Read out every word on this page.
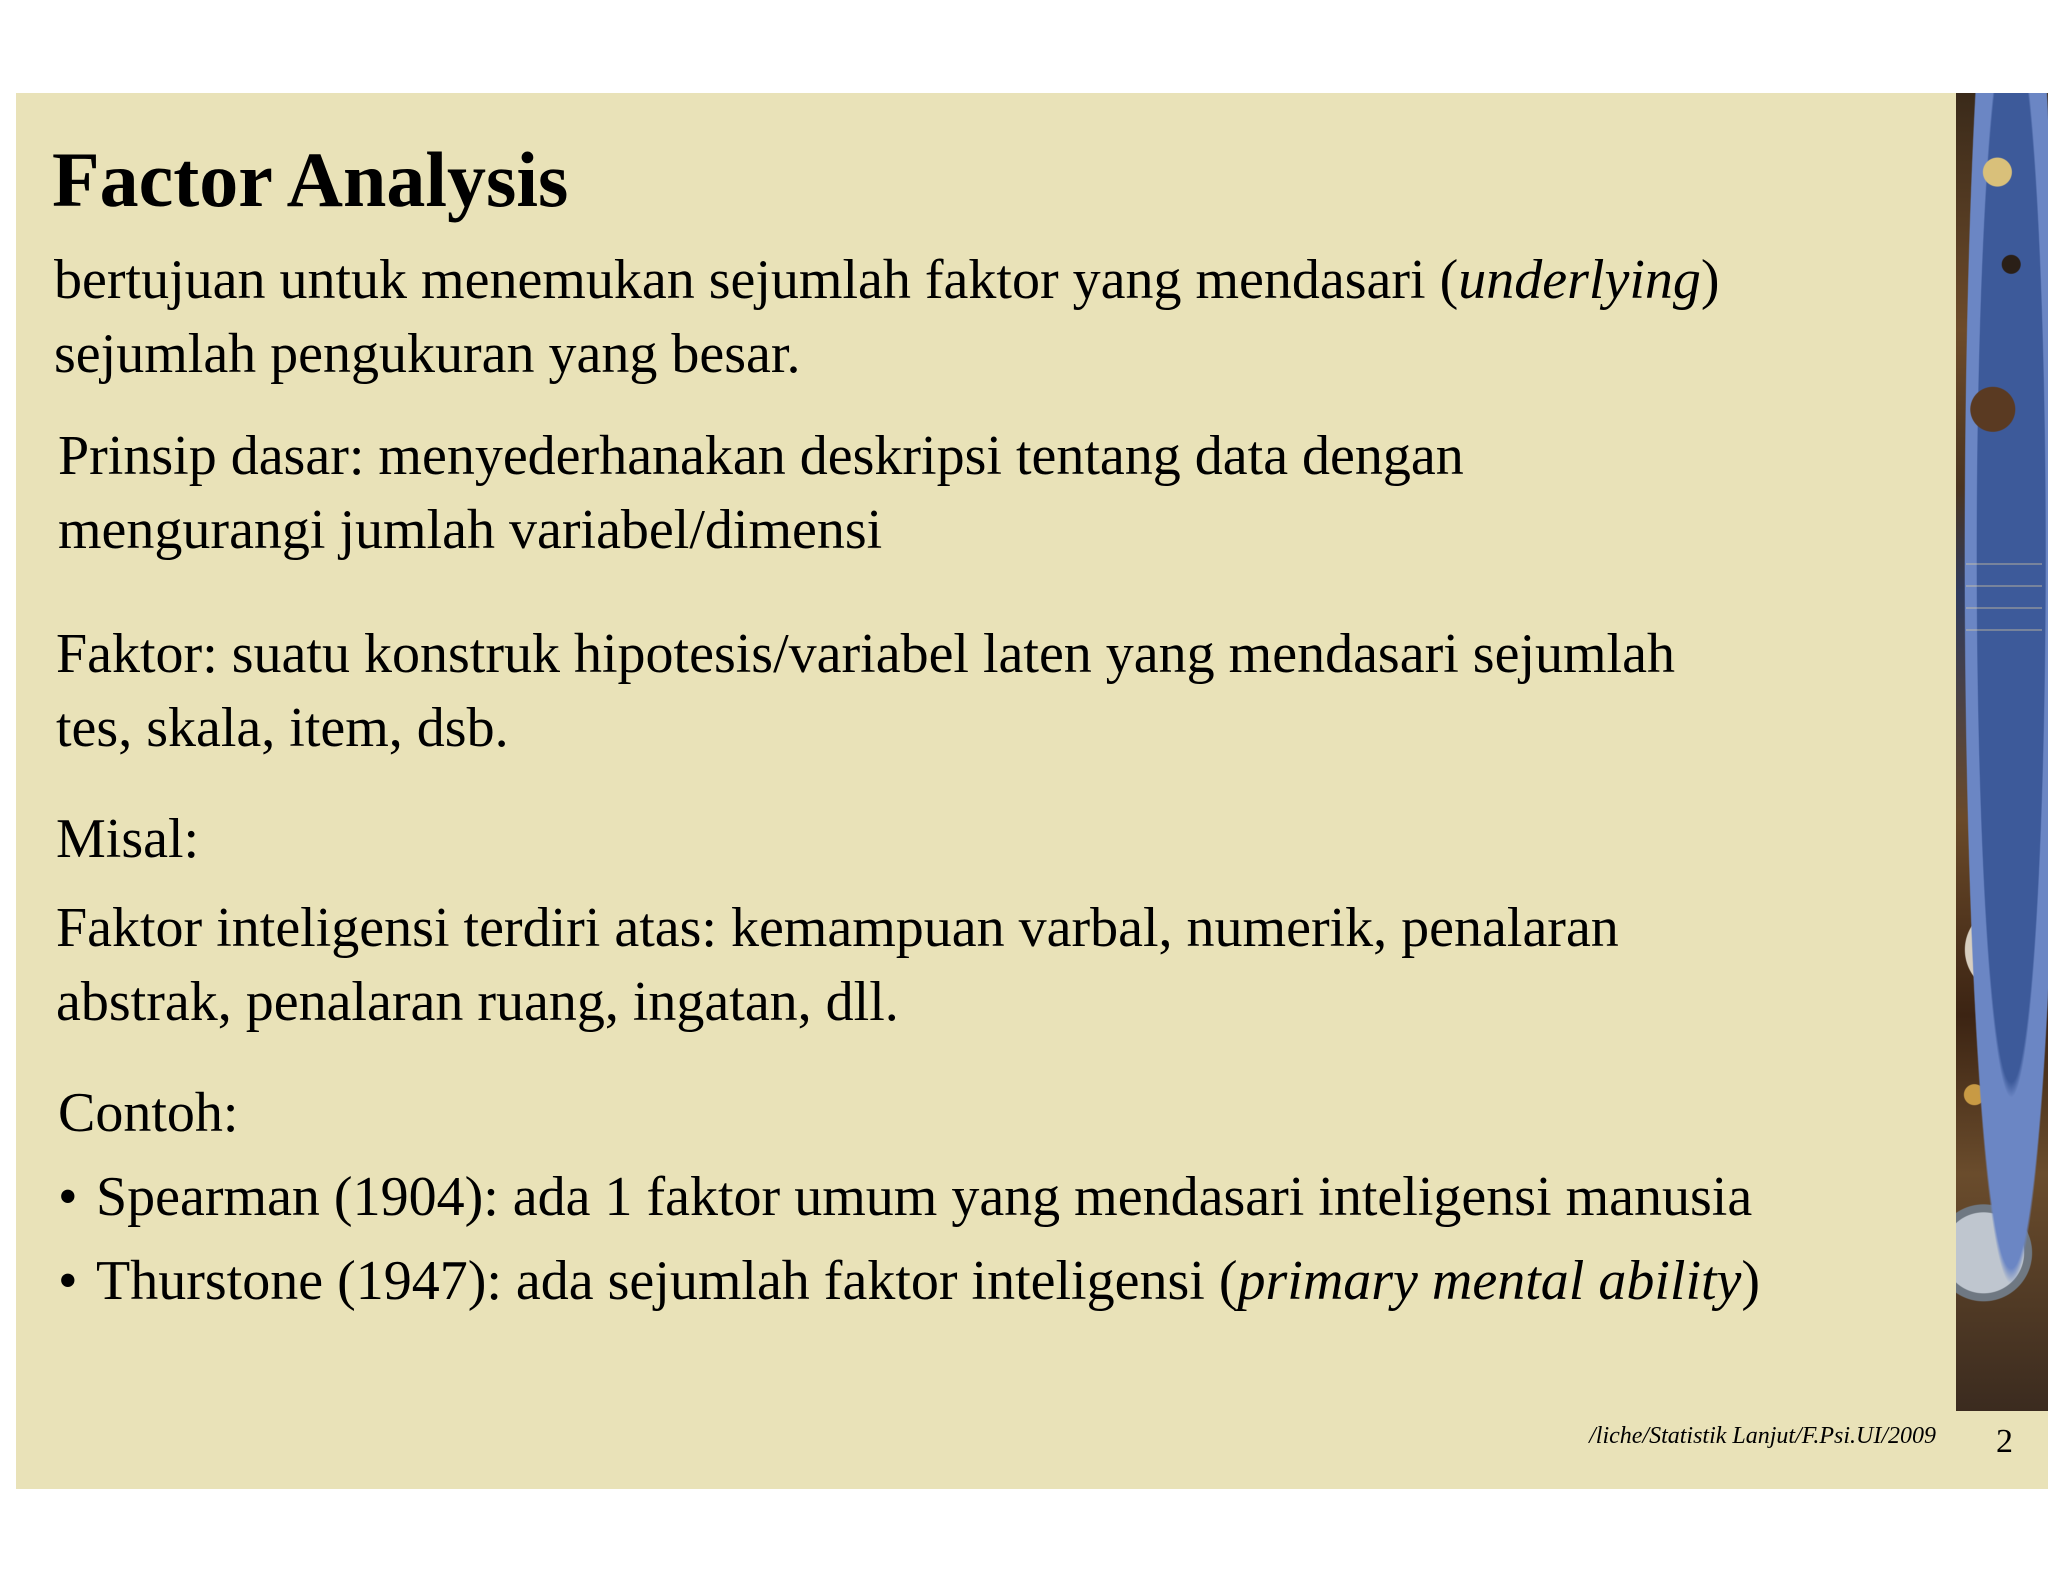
Factor Analysis

bertujuan untuk menemukan sejumlah faktor yang mendasari (underlying)
sejumlah pengukuran yang besar.

Prinsip dasar: menyederhanakan deskripsi tentang data dengan
mengurangi jumlah variabel/dimensi

Faktor: suatu konstruk hipotesis/variabel laten yang mendasari sejumlah
tes, skala, item, dsb.

Misal:

Faktor inteligensi terdiri atas: kemampuan varbal, numerik, penalaran
abstrak, penalaran ruang, ingatan, dll.

Contoh:

• Spearman (1904): ada 1 faktor umum yang mendasari inteligensi manusia
• Thurstone (1947): ada sejumlah faktor inteligensi (primary mental ability)
/liche/Statistik Lanjut/F.Psi.UI/2009 2
